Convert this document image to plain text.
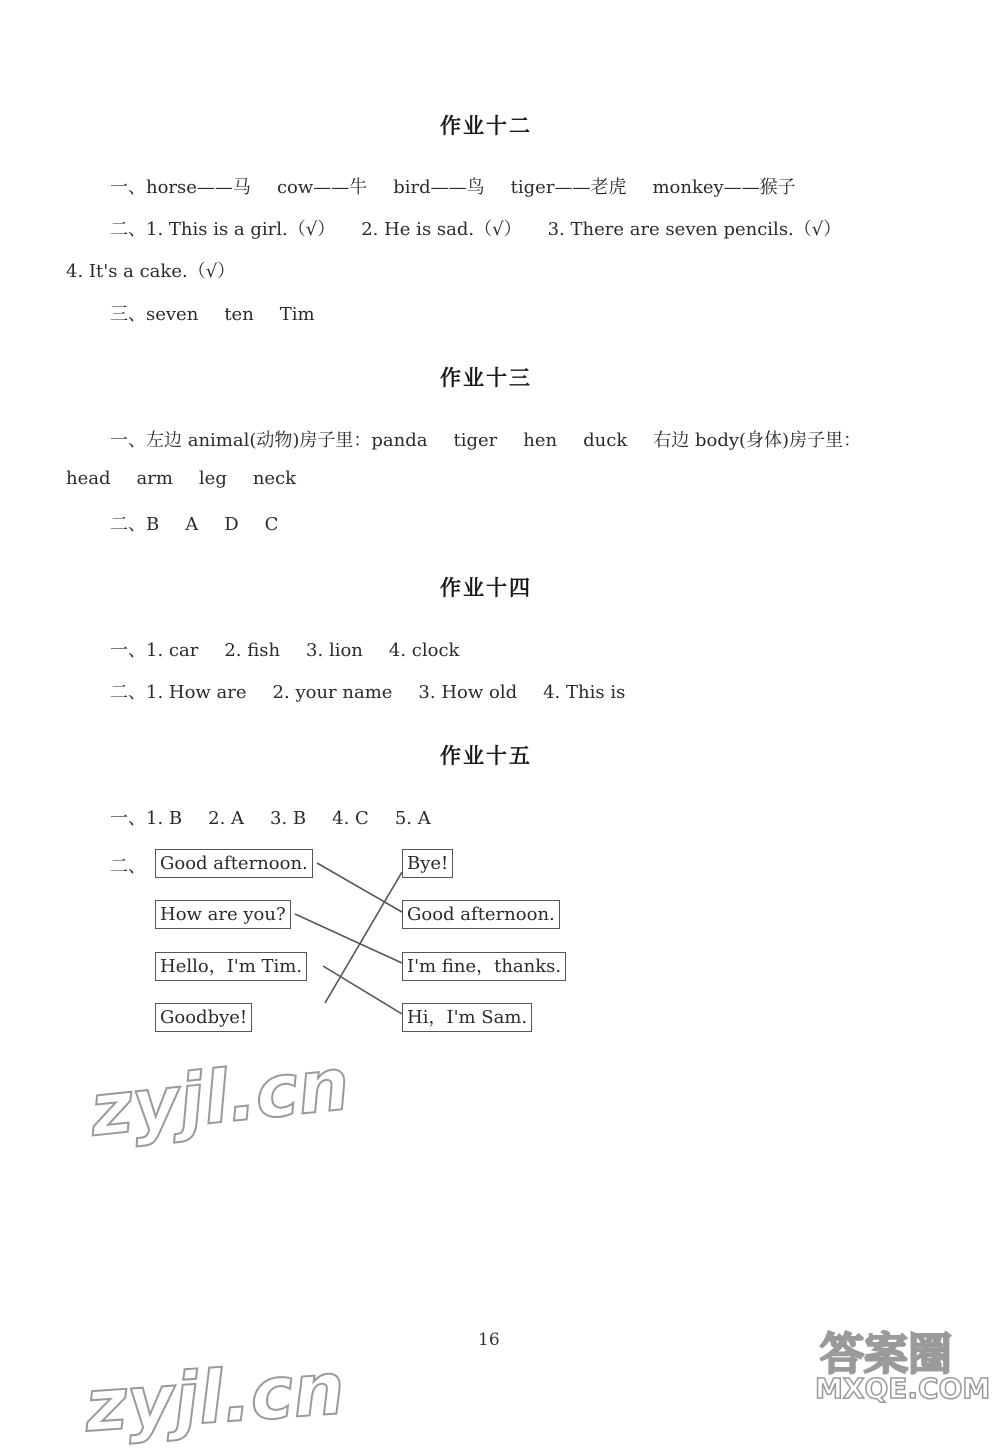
作业十二
一、horse——马 cow——牛 bird——鸟 tiger——老虎 monkey——猴子
二、1. This is a girl.（√） 2. He is sad.（√） 3. There are seven pencils.（√）
4. It's a cake.（√）
三、seven ten Tim
作业十三
一、左边 animal(动物)房子里：panda tiger hen duck 右边 body(身体)房子里：
head arm leg neck
二、B A D C
作业十四
一、1. car 2. fish 3. lion 4. clock
二、1. How are 2. your name 3. How old 4. This is
作业十五
一、1. B 2. A 3. B 4. C 5. A
二、 Good afternoon.
How are you?
Hello，I'm Tim.
Goodbye!
Bye!
Good afternoon.
I'm fine，thanks.
Hi，I'm Sam.
zyjl.cn
zyjl.cn
16	答案圈
MXQE.COM
